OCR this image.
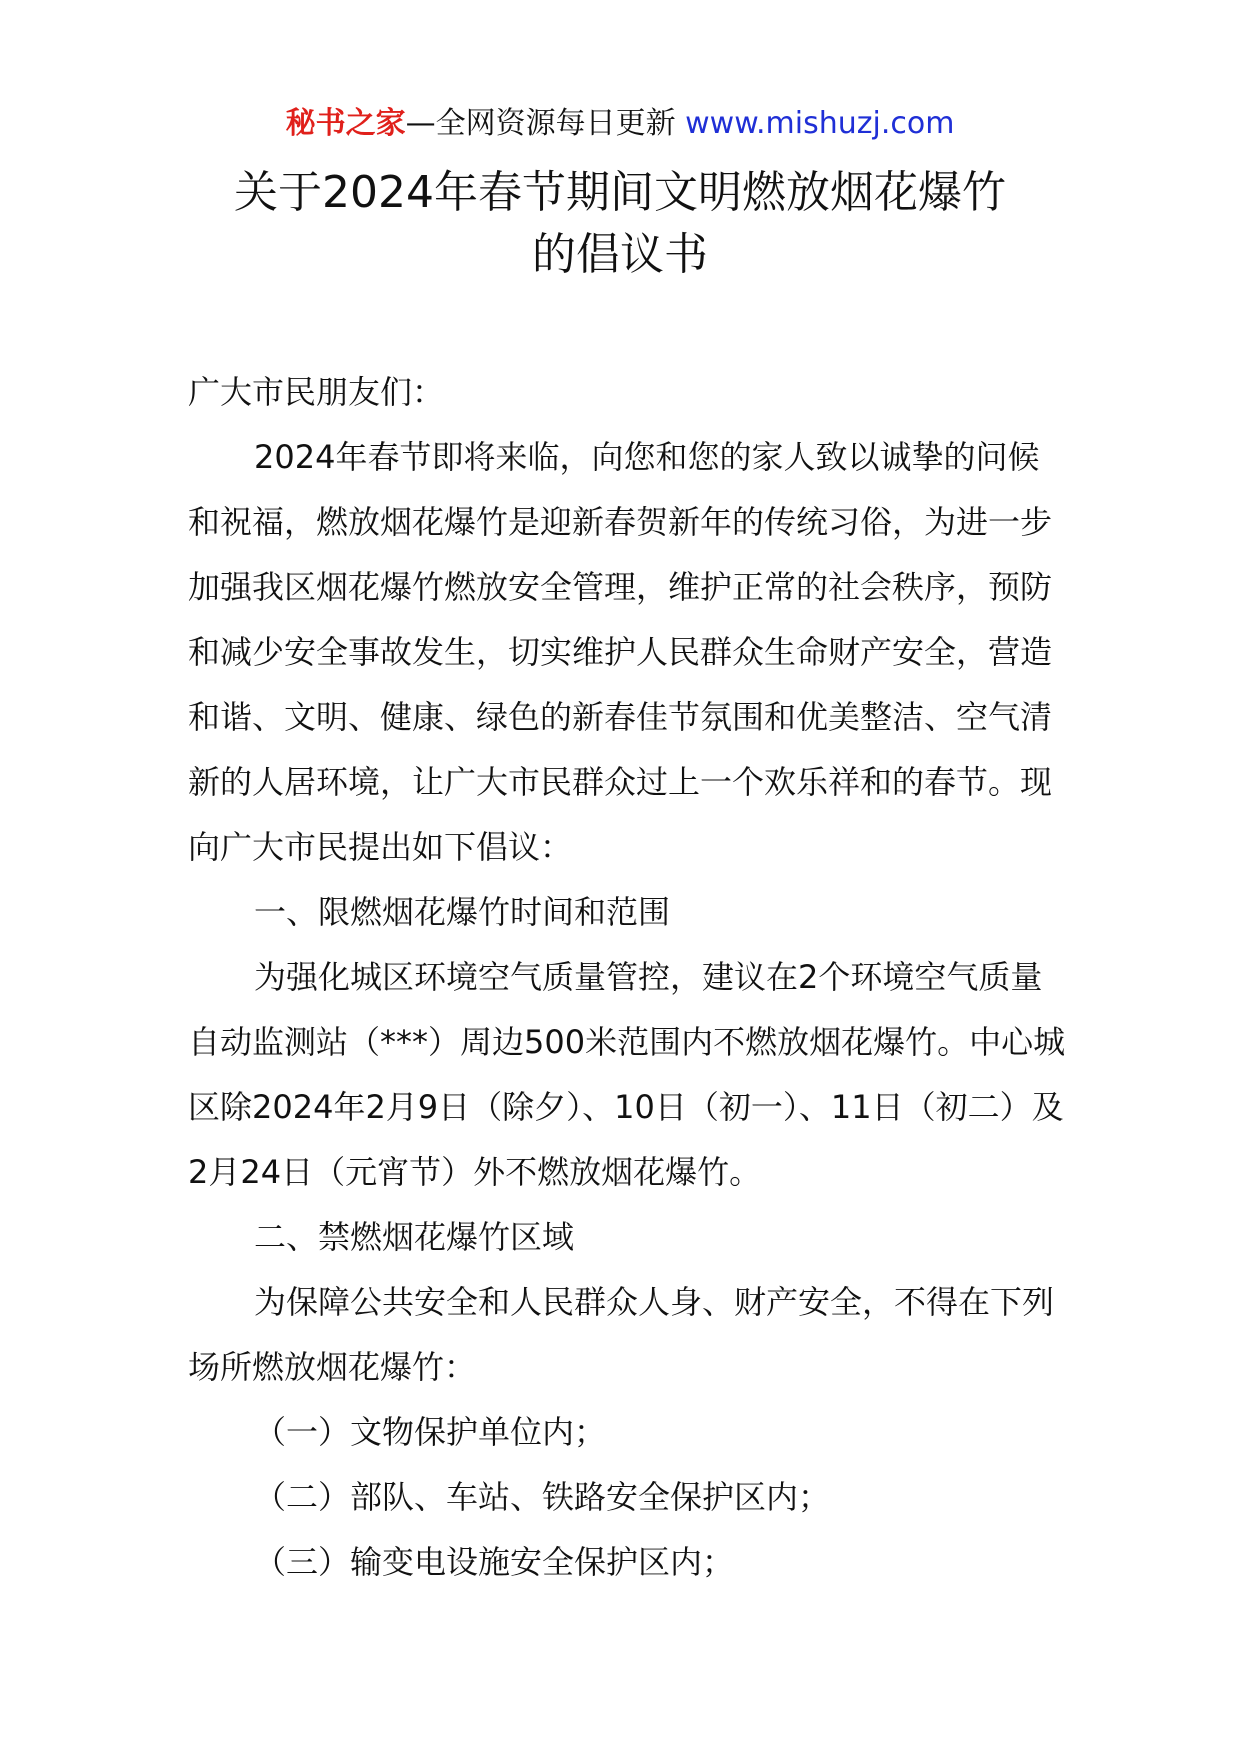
秘书之家—全网资源每日更新 www.mishuzj.com
关于2024年春节期间文明燃放烟花爆竹
的倡议书

广大市民朋友们：

2024年春节即将来临，向您和您的家人致以诚挚的问候和祝福，燃放烟花爆竹是迎新春贺新年的传统习俗，为进一步加强我区烟花爆竹燃放安全管理，维护正常的社会秩序，预防和减少安全事故发生，切实维护人民群众生命财产安全，营造和谐、文明、健康、绿色的新春佳节氛围和优美整洁、空气清新的人居环境，让广大市民群众过上一个欢乐祥和的春节。现向广大市民提出如下倡议：

一、限燃烟花爆竹时间和范围

为强化城区环境空气质量管控，建议在2个环境空气质量自动监测站（***）周边500米范围内不燃放烟花爆竹。中心城区除2024年2月9日（除夕）、10日（初一）、11日（初二）及2月24日（元宵节）外不燃放烟花爆竹。

二、禁燃烟花爆竹区域

为保障公共安全和人民群众人身、财产安全，不得在下列场所燃放烟花爆竹：

（一）文物保护单位内；

（二）部队、车站、铁路安全保护区内；

（三）输变电设施安全保护区内；
